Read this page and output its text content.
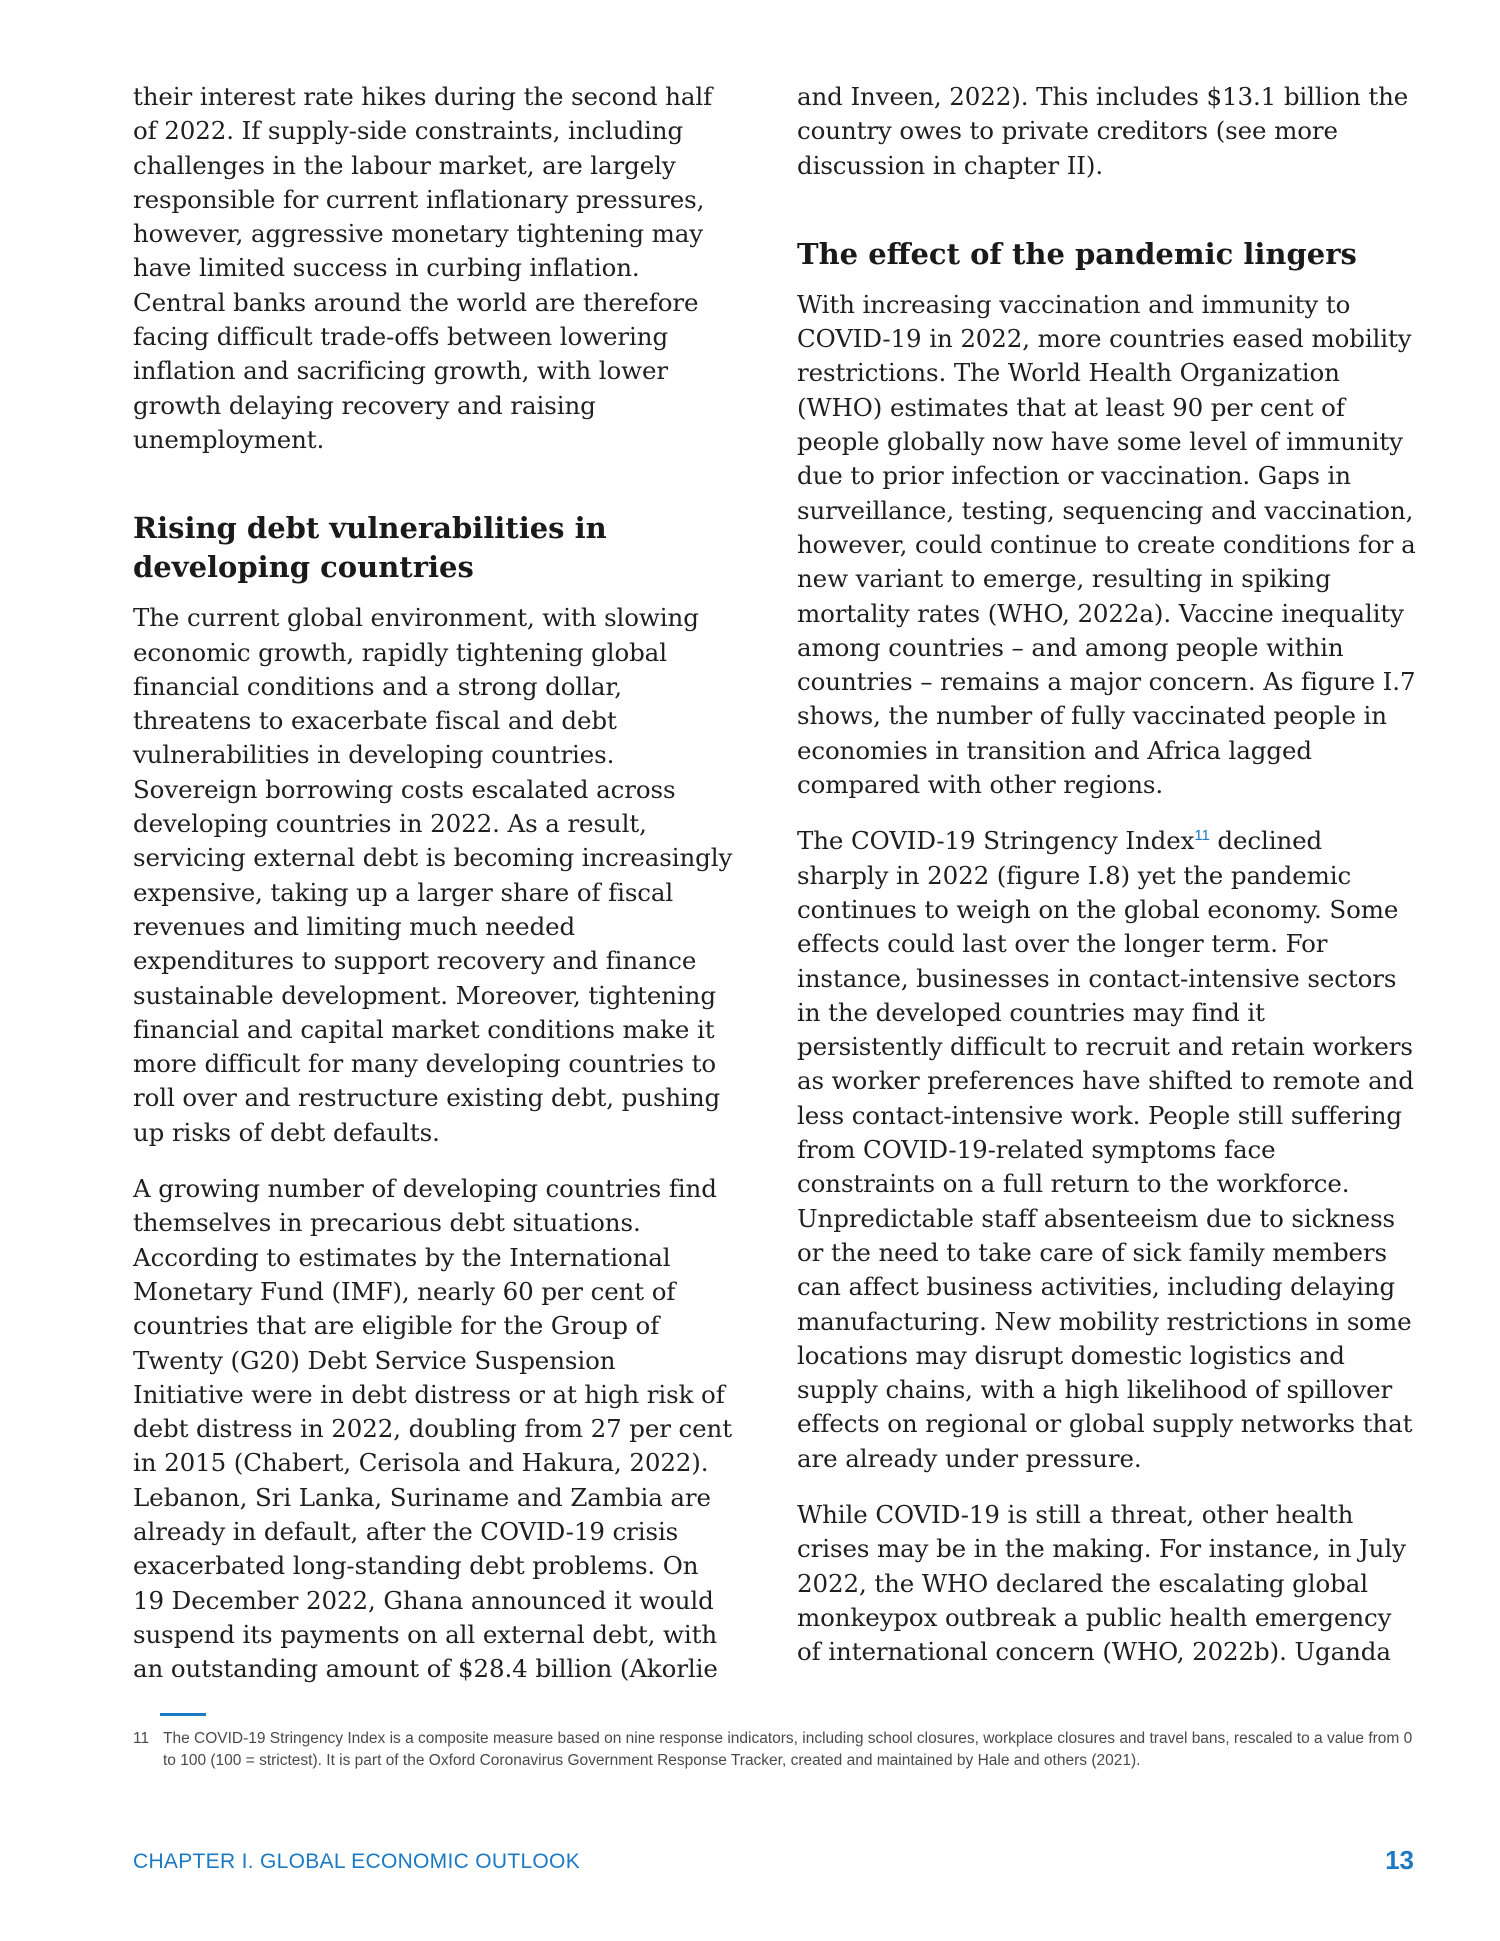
their interest rate hikes during the second half of 2022. If supply-side constraints, including challenges in the labour market, are largely responsible for current inflationary pressures, however, aggressive monetary tightening may have limited success in curbing inflation. Central banks around the world are therefore facing difficult trade-offs between lowering inflation and sacrificing growth, with lower growth delaying recovery and raising unemployment.

Rising debt vulnerabilities in developing countries

The current global environment, with slowing economic growth, rapidly tightening global financial conditions and a strong dollar, threatens to exacerbate fiscal and debt vulnerabilities in developing countries. Sovereign borrowing costs escalated across developing countries in 2022. As a result, servicing external debt is becoming increasingly expensive, taking up a larger share of fiscal revenues and limiting much needed expenditures to support recovery and finance sustainable development. Moreover, tightening financial and capital market conditions make it more difficult for many developing countries to roll over and restructure existing debt, pushing up risks of debt defaults.

A growing number of developing countries find themselves in precarious debt situations. According to estimates by the International Monetary Fund (IMF), nearly 60 per cent of countries that are eligible for the Group of Twenty (G20) Debt Service Suspension Initiative were in debt distress or at high risk of debt distress in 2022, doubling from 27 per cent in 2015 (Chabert, Cerisola and Hakura, 2022). Lebanon, Sri Lanka, Suriname and Zambia are already in default, after the COVID-19 crisis exacerbated long-standing debt problems. On 19 December 2022, Ghana announced it would suspend its payments on all external debt, with an outstanding amount of $28.4 billion (Akorlie

and Inveen, 2022). This includes $13.1 billion the country owes to private creditors (see more discussion in chapter II).

The effect of the pandemic lingers

With increasing vaccination and immunity to COVID-19 in 2022, more countries eased mobility restrictions. The World Health Organization (WHO) estimates that at least 90 per cent of people globally now have some level of immunity due to prior infection or vaccination. Gaps in surveillance, testing, sequencing and vaccination, however, could continue to create conditions for a new variant to emerge, resulting in spiking mortality rates (WHO, 2022a). Vaccine inequality among countries – and among people within countries – remains a major concern. As figure I.7 shows, the number of fully vaccinated people in economies in transition and Africa lagged compared with other regions.

The COVID-19 Stringency Index$^{11}$ declined sharply in 2022 (figure I.8) yet the pandemic continues to weigh on the global economy. Some effects could last over the longer term. For instance, businesses in contact-intensive sectors in the developed countries may find it persistently difficult to recruit and retain workers as worker preferences have shifted to remote and less contact-intensive work. People still suffering from COVID-19-related symptoms face constraints on a full return to the workforce. Unpredictable staff absenteeism due to sickness or the need to take care of sick family members can affect business activities, including delaying manufacturing. New mobility restrictions in some locations may disrupt domestic logistics and supply chains, with a high likelihood of spillover effects on regional or global supply networks that are already under pressure.

While COVID-19 is still a threat, other health crises may be in the making. For instance, in July 2022, the WHO declared the escalating global monkeypox outbreak a public health emergency of international concern (WHO, 2022b). Uganda

11 The COVID-19 Stringency Index is a composite measure based on nine response indicators, including school closures, workplace closures and travel bans, rescaled to a value from 0 to 100 (100 = strictest). It is part of the Oxford Coronavirus Government Response Tracker, created and maintained by Hale and others (2021).
CHAPTER I. GLOBAL ECONOMIC OUTLOOK	13
